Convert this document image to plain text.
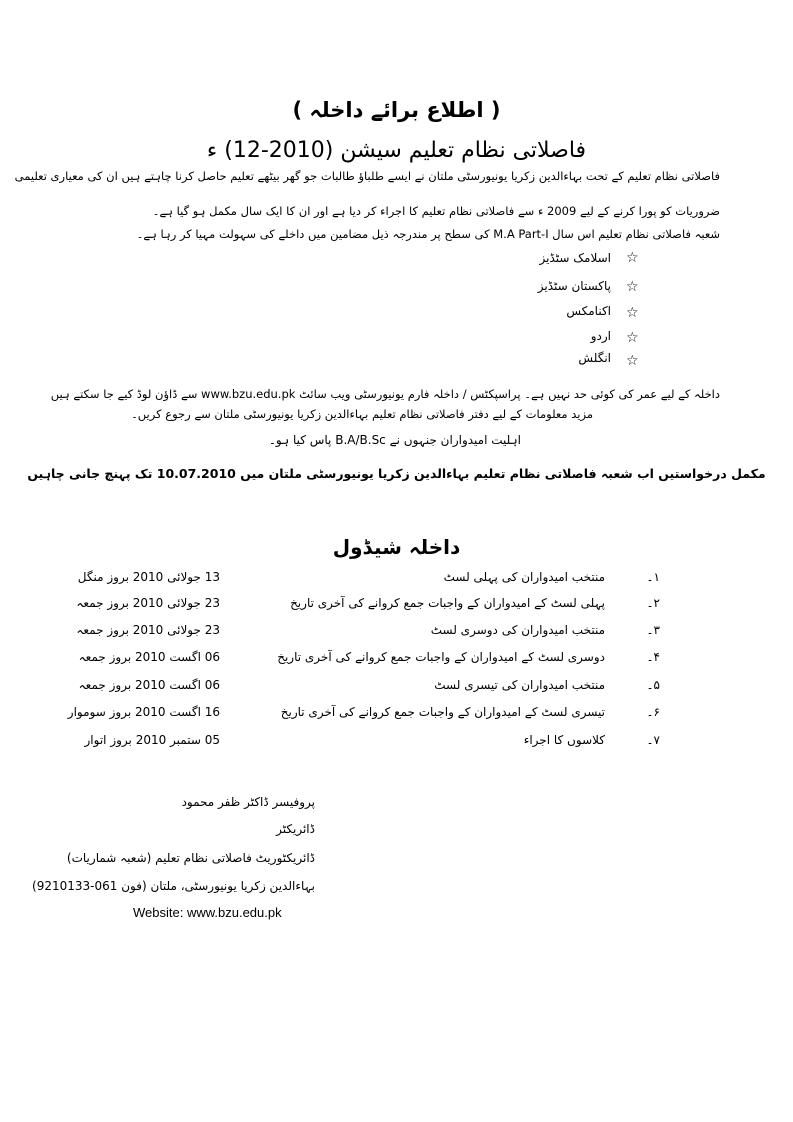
( اطلاع برائے داخلہ )
فاصلاتی نظام تعلیم سیشن (2010-12) ء
فاصلاتی نظام تعلیم کے تحت بہاءالدین زکریا یونیورسٹی ملتان نے ایسے طلباؤ طالبات جو گھر بیٹھے تعلیم حاصل کرنا چاہتے ہیں ان کی معیاری تعلیمی
ضروریات کو پورا کرنے کے لیے 2009 ء سے فاصلاتی نظام تعلیم کا اجراء کر دیا ہے اور ان کا ایک سال مکمل ہو گیا ہے۔
شعبہ فاصلاتی نظام تعلیم اس سال M.A Part-I کی سطح پر مندرجہ ذیل مضامین میں داخلے کی سہولت مہیا کر رہا ہے۔
☆
اسلامک سٹڈیز
☆
پاکستان سٹڈیز
☆
اکنامکس
☆
اردو
☆
انگلش
داخلہ کے لیے عمر کی کوئی حد نہیں ہے۔ پراسپکٹس / داخلہ فارم یونیورسٹی ویب سائٹ www.bzu.edu.pk سے ڈاؤن لوڈ کیے جا سکتے ہیں
مزید معلومات کے لیے دفتر فاصلاتی نظام تعلیم بہاءالدین زکریا یونیورسٹی ملتان سے رجوع کریں۔
اہلیت امیدواران جنہوں نے B.A/B.Sc پاس کیا ہو۔
مکمل درخواستیں اب شعبہ فاصلاتی نظام تعلیم بہاءالدین زکریا یونیورسٹی ملتان میں 10.07.2010 تک پہنچ جانی چاہیں
داخلہ شیڈول
۱۔
منتخب امیدواران کی پہلی لسٹ
13 جولائی 2010 بروز منگل
۲۔
پہلی لسٹ کے امیدواران کے واجبات جمع کروانے کی آخری تاریخ
23 جولائی 2010 بروز جمعہ
۳۔
منتخب امیدواران کی دوسری لسٹ
23 جولائی 2010 بروز جمعہ
۴۔
دوسری لسٹ کے امیدواران کے واجبات جمع کروانے کی آخری تاریخ
06 اگست 2010 بروز جمعہ
۵۔
منتخب امیدواران کی تیسری لسٹ
06 اگست 2010 بروز جمعہ
۶۔
تیسری لسٹ کے امیدواران کے واجبات جمع کروانے کی آخری تاریخ
16 اگست 2010 بروز سوموار
۷۔
کلاسوں کا اجراء
05 ستمبر 2010 بروز اتوار
پروفیسر ڈاکٹر ظفر محمود
ڈائریکٹر
ڈائریکٹوریٹ فاصلاتی نظام تعلیم (شعبہ شماریات)
بہاءالدین زکریا یونیورسٹی، ملتان (فون 061-9210133)
Website: www.bzu.edu.pk
